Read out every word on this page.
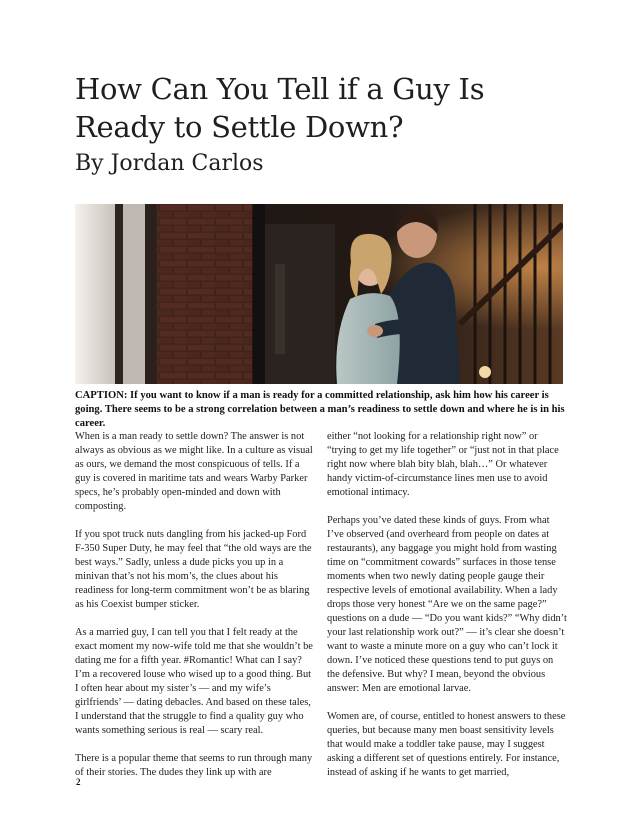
How Can You Tell if a Guy Is Ready to Settle Down?
By Jordan Carlos

CAPTION: If you want to know if a man is ready for a committed relationship, ask him how his career is going. There seems to be a strong correlation between a man’s readiness to settle down and where he is in his career.

When is a man ready to settle down? The answer is not always as obvious as we might like. In a culture as visual as ours, we demand the most conspicuous of tells. If a guy is covered in maritime tats and wears Warby Parker specs, he’s probably open-minded and down with composting.

If you spot truck nuts dangling from his jacked-up Ford F-350 Super Duty, he may feel that “the old ways are the best ways.” Sadly, unless a dude picks you up in a minivan that’s not his mom’s, the clues about his readiness for long-term commitment won’t be as blaring as his Coexist bumper sticker.

As a married guy, I can tell you that I felt ready at the exact moment my now-wife told me that she wouldn’t be dating me for a fifth year. #Romantic! What can I say? I’m a recovered louse who wised up to a good thing. But I often hear about my sister’s — and my wife’s girlfriends’ — dating debacles. And based on these tales, I understand that the struggle to find a quality guy who wants something serious is real — scary real.

There is a popular theme that seems to run through many of their stories. The dudes they link up with are

either “not looking for a relationship right now” or “trying to get my life together” or “just not in that place right now where blah bity blah, blah…” Or whatever handy victim-of-circumstance lines men use to avoid emotional intimacy.

Perhaps you’ve dated these kinds of guys. From what I’ve observed (and overheard from people on dates at restaurants), any baggage you might hold from wasting time on “commitment cowards” surfaces in those tense moments when two newly dating people gauge their respective levels of emotional availability. When a lady drops those very honest “Are we on the same page?” questions on a dude — “Do you want kids?” “Why didn’t your last relationship work out?” — it’s clear she doesn’t want to waste a minute more on a guy who can’t lock it down. I’ve noticed these questions tend to put guys on the defensive. But why? I mean, beyond the obvious answer: Men are emotional larvae.

Women are, of course, entitled to honest answers to these queries, but because many men boast sensitivity levels that would make a toddler take pause, may I suggest asking a different set of questions entirely. For instance, instead of asking if he wants to get married,

2
